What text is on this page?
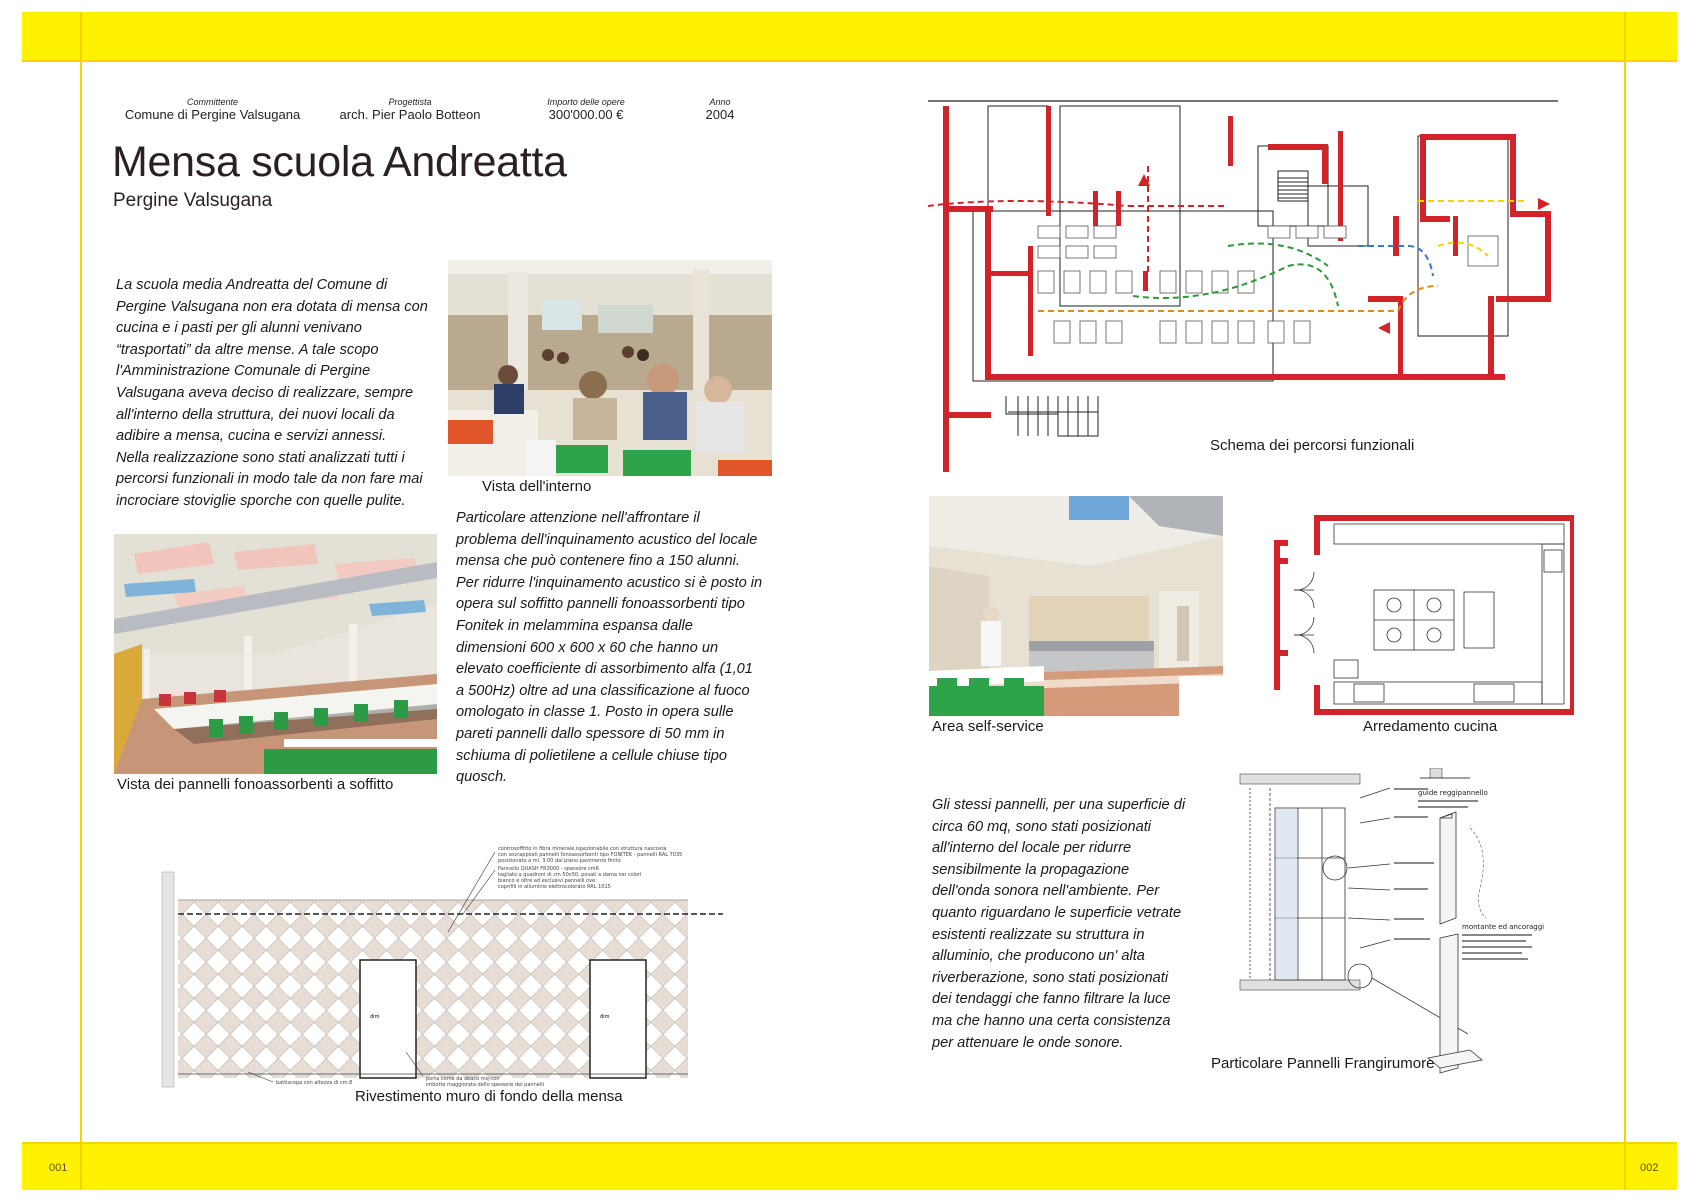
001	002
Committente
Comune di Pergine Valsugana
Progettista
arch. Pier Paolo Botteon
Importo delle opere
300'000.00 €
Anno
2004
Mensa scuola Andreatta
Pergine Valsugana
La scuola media Andreatta del Comune di
Pergine Valsugana non era dotata di mensa con
cucina e i pasti per gli alunni venivano
“trasportati” da altre mense. A tale scopo
l'Amministrazione Comunale di Pergine
Valsugana aveva deciso di realizzare, sempre
all'interno della struttura, dei nuovi locali da
adibire a mensa, cucina e servizi annessi.
Nella realizzazione sono stati analizzati tutti i
percorsi funzionali in modo tale da non fare mai
incrociare stoviglie sporche con quelle pulite.
Particolare attenzione nell'affrontare il
problema dell'inquinamento acustico del locale
mensa che può contenere fino a 150 alunni.
Per ridurre l'inquinamento acustico si è posto in
opera sul soffitto pannelli fonoassorbenti tipo
Fonitek in melammina espansa dalle
dimensioni 600 x 600 x 60 che hanno un
elevato coefficiente di assorbimento alfa (1,01
a 500Hz) oltre ad una classificazione al fuoco
omologato in classe 1. Posto in opera sulle
pareti pannelli dallo spessore di 50 mm in
schiuma di polietilene a cellule chiuse tipo
quosch.
Vista dell'interno
Vista dei pannelli fonoassorbenti a soffitto
dim	dim
controsoffitto in fibra minerale ispezionabile con struttura nascosta
con sovrapposti pannelli fonoassorbenti tipo FONITEK - pannelli RAL 7035
posizionato a ml. 3.00 dal piano pavimento finito
Pannello QUASH FR3000 - spessore cm6
tagliato a quadroni di cm 50x50, posati a dama nei colori
bianco e oltre ad esclusivi pannelli ove:
coprifili in alluminio elettrocolorato RAL 1015
battiscopa con altezza di cm.8
porta come da abaco mq con
imbotte maggiorata dello spessore dei pannelli
Rivestimento muro di fondo della mensa
Schema dei percorsi funzionali
Area self-service	Arredamento cucina
Gli stessi pannelli, per una superficie di
circa 60 mq, sono stati posizionati
all'interno del locale per ridurre
sensibilmente la propagazione
dell'onda sonora nell'ambiente. Per
quanto riguardano le superficie vetrate
esistenti realizzate su struttura in
alluminio, che producono un' alta
riverberazione, sono stati posizionati
dei tendaggi che fanno filtrare la luce
ma che hanno una certa consistenza
per attenuare le onde sonore.
guide reggipannello
montante ed ancoraggi
Particolare Pannelli Frangirumore
